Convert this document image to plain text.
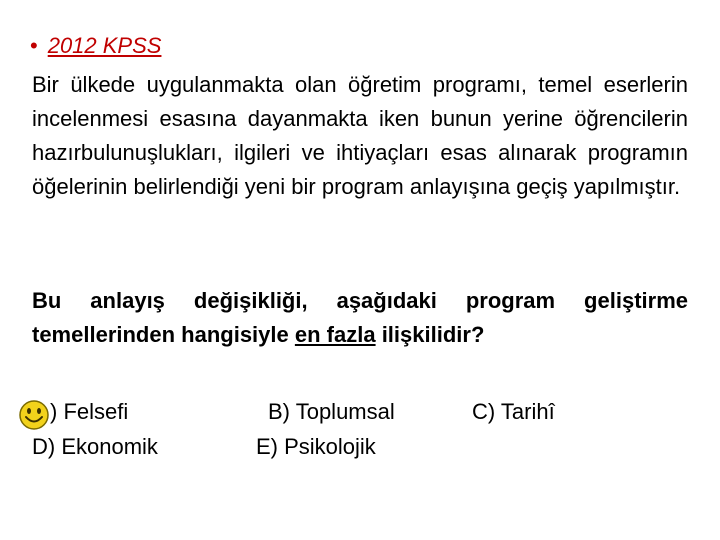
• 2012 KPSS
Bir ülkede uygulanmakta olan öğretim programı, temel eserlerin incelenmesi esasına dayanmakta iken bunun yerine öğrencilerin hazırbulunuşlukları, ilgileri ve ihtiyaçları esas alınarak programın öğelerinin belirlendiği yeni bir program anlayışına geçiş yapılmıştır.
Bu anlayış değişikliği, aşağıdaki program geliştirme temellerinden hangisiyle en fazla ilişkilidir?
) Felsefi	B) Toplumsal	C) Tarihî
D) Ekonomik	E) Psikolojik
